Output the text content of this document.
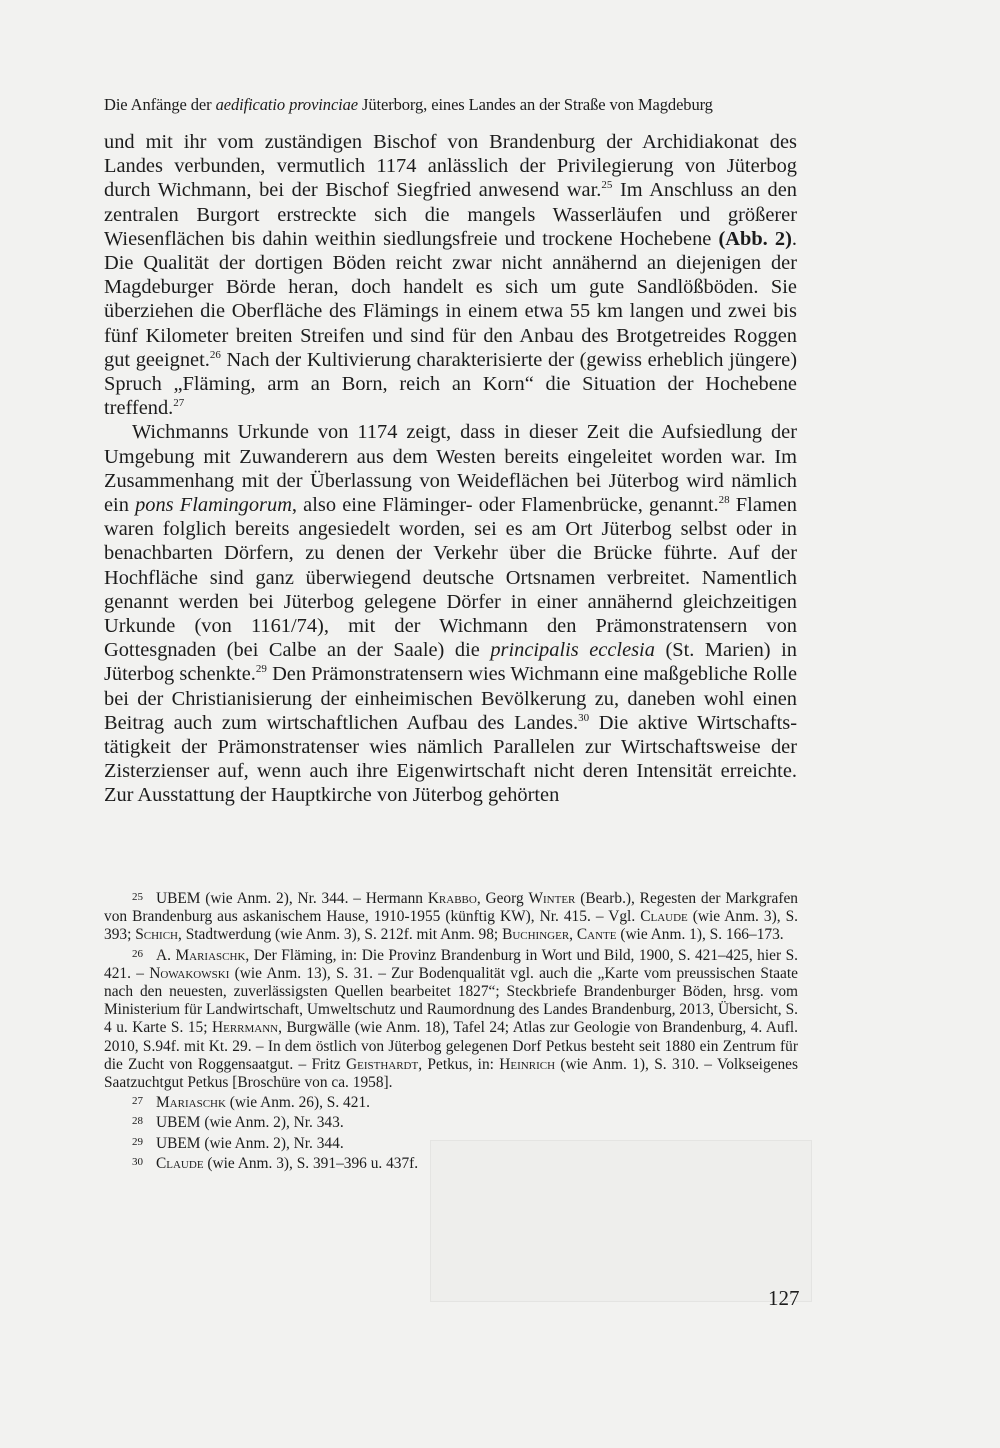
Die Anfänge der aedificatio provinciae Jüterborg, eines Landes an der Straße von Magdeburg

und mit ihr vom zuständigen Bischof von Brandenburg der Archidiakonat des Landes verbunden, vermutlich 1174 anlässlich der Privilegierung von Jüterbog durch Wichmann, bei der Bischof Siegfried anwesend war.$^{25}$ Im Anschluss an den zentralen Burgort erstreckte sich die mangels Wasserläufen und größerer Wiesenflächen bis dahin weithin siedlungsfreie und trockene Hochebene (Abb. 2). Die Qualität der dortigen Böden reicht zwar nicht annähernd an diejenigen der Magdeburger Börde heran, doch handelt es sich um gute Sandlößböden. Sie überziehen die Oberfläche des Flämings in einem etwa 55 km langen und zwei bis fünf Kilometer breiten Streifen und sind für den Anbau des Brotgetreides Roggen gut geeignet.$^{26}$ Nach der Kultivierung charakterisierte der (gewiss erheblich jüngere) Spruch „Fläming, arm an Born, reich an Korn“ die Situation der Hochebene treffend.$^{27}$

Wichmanns Urkunde von 1174 zeigt, dass in dieser Zeit die Aufsiedlung der Umgebung mit Zuwanderern aus dem Westen bereits eingeleitet worden war. Im Zusammenhang mit der Überlassung von Weideflächen bei Jüterbog wird nämlich ein pons Flamingorum, also eine Fläminger- oder Flamenbrücke, genannt.$^{28}$ Flamen waren folglich bereits angesiedelt worden, sei es am Ort Jüterbog selbst oder in benachbarten Dörfern, zu denen der Verkehr über die Brücke führte. Auf der Hochfläche sind ganz überwiegend deutsche Ortsnamen verbreitet. Namentlich genannt werden bei Jüterbog gelegene Dörfer in einer annähernd gleichzeitigen Urkunde (von 1161/74), mit der Wichmann den Prämonstratensern von Gottesgnaden (bei Calbe an der Saale) die principalis ecclesia (St. Marien) in Jüterbog schenkte.$^{29}$ Den Prämonstratensern wies Wichmann eine maßgebliche Rolle bei der Christianisierung der einheimischen Bevölkerung zu, daneben wohl einen Beitrag auch zum wirtschaftlichen Aufbau des Landes.$^{30}$ Die aktive Wirtschaftstätigkeit der Prämonstratenser wies nämlich Parallelen zur Wirtschaftsweise der Zisterzienser auf, wenn auch ihre Eigenwirtschaft nicht deren Intensität erreichte. Zur Ausstattung der Hauptkirche von Jüterbog gehörten

25 UBEM (wie Anm. 2), Nr. 344. – Hermann Krabbo, Georg Winter (Bearb.), Regesten der Markgrafen von Brandenburg aus askanischem Hause, 1910-1955 (künftig KW), Nr. 415. – Vgl. Claude (wie Anm. 3), S. 393; Schich, Stadtwerdung (wie Anm. 3), S. 212f. mit Anm. 98; Buchinger, Cante (wie Anm. 1), S. 166–173.

26 A. Mariaschk, Der Fläming, in: Die Provinz Brandenburg in Wort und Bild, 1900, S. 421–425, hier S. 421. – Nowakowski (wie Anm. 13), S. 31. – Zur Bodenqualität vgl. auch die „Karte vom preussischen Staate nach den neuesten, zuverlässigsten Quellen bearbeitet 1827“; Steckbriefe Brandenburger Böden, hrsg. vom Ministerium für Landwirtschaft, Umweltschutz und Raumordnung des Landes Brandenburg, 2013, Übersicht, S. 4 u. Karte S. 15; Herrmann, Burgwälle (wie Anm. 18), Tafel 24; Atlas zur Geologie von Brandenburg, 4. Aufl. 2010, S.94f. mit Kt. 29. – In dem östlich von Jüterbog gelegenen Dorf Petkus besteht seit 1880 ein Zentrum für die Zucht von Roggensaatgut. – Fritz Geisthardt, Petkus, in: Heinrich (wie Anm. 1), S. 310. – Volkseigenes Saatzuchtgut Petkus [Broschüre von ca. 1958].

27 Mariaschk (wie Anm. 26), S. 421.

28 UBEM (wie Anm. 2), Nr. 343.

29 UBEM (wie Anm. 2), Nr. 344.

30 Claude (wie Anm. 3), S. 391–396 u. 437f.

127
